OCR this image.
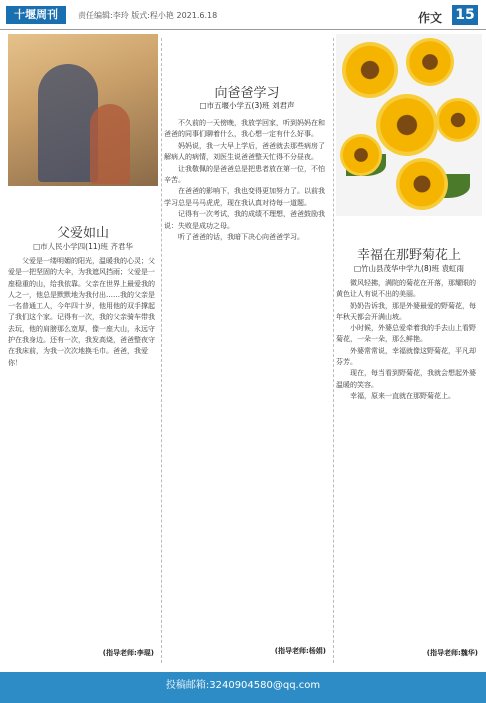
十堰周刊	责任编辑:李玲 版式:程小艳 2021.6.18	作文 15
父爱如山
□市人民小学四(11)班 齐君华
父爱是一缕明媚的阳光，温暖我的心灵；父爱是一把坚固的大伞，为我遮风挡雨；父爱是一座稳重的山，给我依靠。父亲在世界上最爱我的人之一，他总是默默地为我付出……我的父亲是一名普通工人，今年四十岁，他用他的双手撑起了我们这个家。记得有一次，我的父亲骑车带我去玩，他的肩膀那么宽厚，像一座大山，永远守护在我身边。还有一次，我发高烧，爸爸整夜守在我床前，为我一次次地换毛巾。爸爸，我爱你！
(指导老师:李琨)
向爸爸学习
□市五堰小学五(3)班 刘君声

不久前的一天傍晚，我放学回家，听到妈妈在和爸爸的同事们聊着什么，我心想一定有什么好事。

妈妈说，我一大早上学后，爸爸就去那些病房了解病人的病情，刘医生说爸爸整天忙得不分昼夜。

让我敬佩的是爸爸总是把患者放在第一位，不怕辛苦。

在爸爸的影响下，我也变得更加努力了。以前我学习总是马马虎虎，现在我认真对待每一道题。

记得有一次考试，我的成绩不理想，爸爸鼓励我说：失败是成功之母。

听了爸爸的话，我暗下决心向爸爸学习。

(指导老师:杨娟)
幸福在那野菊花上
□竹山县茂华中学九(8)班 袁虹雨

微风轻拂，满院的菊花在开落，那耀眼的黄色让人有说不出的美丽。

奶奶告诉我，那是外婆最爱的野菊花，每年秋天都会开满山坡。

小时候，外婆总爱牵着我的手去山上看野菊花，一朵一朵，那么鲜艳。

外婆常常说，幸福就像这野菊花，平凡却芬芳。

现在，每当看到野菊花，我就会想起外婆温暖的笑容。

幸福，原来一直就在那野菊花上。

(指导老师:魏华)
投稿邮箱:3240904580@qq.com
